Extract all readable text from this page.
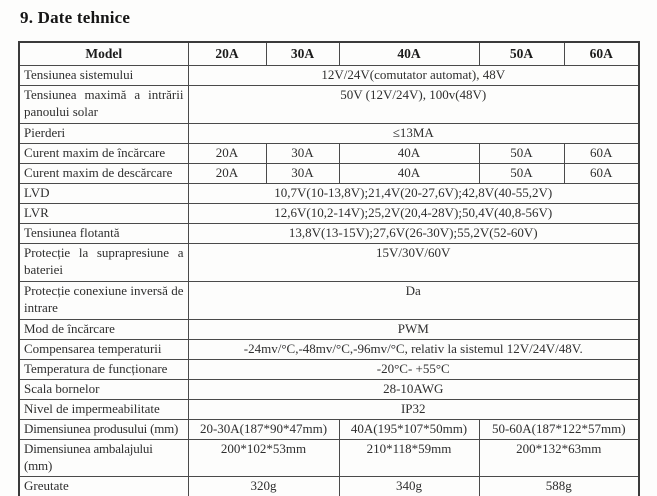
9. Date tehnice
Model	20A	30A	40A	50A	60A
Tensiunea sistemului	12V/24V(comutator automat), 48V				
Tensiunea maximă a intrării panoului solar	50V (12V/24V), 100v(48V)				
Pierderi	≤13MA				
Curent maxim de încărcare	20A	30A	40A	50A	60A
Curent maxim de descărcare	20A	30A	40A	50A	60A
LVD	10,7V(10-13,8V);21,4V(20-27,6V);42,8V(40-55,2V)				
LVR	12,6V(10,2-14V);25,2V(20,4-28V);50,4V(40,8-56V)				
Tensiunea flotantă	13,8V(13-15V);27,6V(26-30V);55,2V(52-60V)				
Protecție la suprapresiune a bateriei	15V/30V/60V				
Protecție conexiune inversă de intrare	Da				
Mod de încărcare	PWM				
Compensarea temperaturii	-24mv/°C,-48mv/°C,-96mv/°C, relativ la sistemul 12V/24V/48V.				
Temperatura de funcționare	-20°C- +55°C				
Scala bornelor	28-10AWG				
Nivel de impermeabilitate	IP32				
Dimensiunea produsului (mm)	20-30A(187*90*47mm)		40A(195*107*50mm)	50-60A(187*122*57mm)	
Dimensiunea ambalajului (mm)	200*102*53mm		210*118*59mm	200*132*63mm	
Greutate	320g		340g	588g	
